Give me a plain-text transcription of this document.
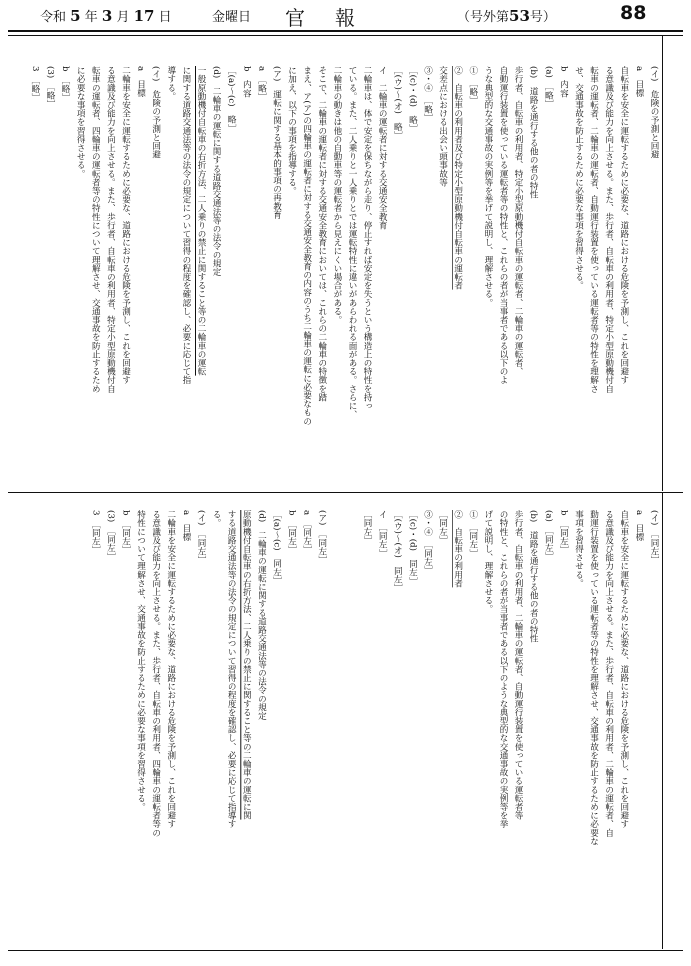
令和 5 年 3 月 17 日	金曜日 官報	（号外第53号）	88
(イ)　危険の予測と回避
a　目標
自転車を安全に運転するために必要な、道路における危険を予測し、これを回避す
る意識及び能力を向上させる。また、歩行者、自転車の利用者、特定小型原動機付自
転車の運転者、二輪車の運転者、自動運行装置を使っている運転者等の特性を理解さ
せ、交通事故を防止するために必要な事項を習得させる。
b　内容
(a)　［略］
(b)　道路を通行する他の者の特性
歩行者、自転車の利用者、特定小型原動機付自転車の運転者、二輪車の運転者、
自動運行装置を使っている運転者等の特性と、これらの者が当事者である以下のよ
うな典型的な交通事故の実例等を挙げて説明し、理解させる。
①　［略］
②　自転車の利用者及び特定小型原動機付自転車の運転者
交差点における出会い頭事故等
③・④　［略］
［(c)・(d)　略］
［(ウ)～(オ)　略］
イ　二輪車の運転者に対する交通安全教育
二輪車は、体で安定を保ちながら走り、停止すれば安定を失うという構造上の特性を持っ
ている。また、二人乗りと一人乗りとでは運転特性に違いがあらわれる面がある。さらに、
二輪車の動きは他の自動車等の運転者から見えにくい場合がある。
そこで、二輪車の運転者に対する交通安全教育においては、これらの二輪車の特徴を踏
まえ、ア(ア)の四輪車の運転者に対する交通安全教育の内容のうち二輪車の運転に必要なもの
に加え、以下の事項を指導する。
(ア)　運転に関する基本的事項の再教育
a　［略］
b　内容
［(a)～(c)　略］
(d)　二輪車の運転に関する道路交通法等の法令の規定
一般原動機付自転車の右折方法、二人乗りの禁止に関すること等の二輪車の運転
に関する道路交通法等の法令の規定について習得の程度を確認し、必要に応じて指
導する。
(イ)　危険の予測と回避
a　目標
二輪車を安全に運転するために必要な、道路における危険を予測し、これを回避す
る意識及び能力を向上させる。また、歩行者、自転車の利用者、特定小型原動機付自
転車の運転者、四輪車の運転者等の特性について理解させ、交通事故を防止するため
に必要な事項を習得させる。
b　［略］
(3)　［略］
3　［略］
(イ)　［同左］
a　目標
自転車を安全に運転するために必要な、道路における危険を予測し、これを回避す
る意識及び能力を向上させる。また、歩行者、自転車の利用者、二輪車の運転者、自
動運行装置を使っている運転者等の特性を理解させ、交通事故を防止するために必要な
事項を習得させる。
b　［同左］
(a)　［同左］
(b)　道路を通行する他の者の特性
歩行者、自転車の利用者、二輪車の運転者、自動運行装置を使っている運転者等
の特性と、これらの者が当事者である以下のような典型的な交通事故の実例等を挙
げて説明し、理解させる。
①　［同左］
②　自転車の利用者
［同左］
③・④　［同左］
［(c)・(d)　同左］
［(ウ)～(オ)　同左］
イ　［同左］
［同左］
(ア)　［同左］
a　［同左］
b　［同左］
［(a)～(c)　同左］
(d)　二輪車の運転に関する道路交通法等の法令の規定
原動機付自転車の右折方法、二人乗りの禁止に関すること等の二輪車の運転に関
する道路交通法等の法令の規定について習得の程度を確認し、必要に応じて指導す
る。
(イ)　［同左］
a　目標
二輪車を安全に運転するために必要な、道路における危険を予測し、これを回避す
る意識及び能力を向上させる。また、歩行者、自転車の利用者、四輪車の運転者等の
特性について理解させ、交通事故を防止するために必要な事項を習得させる。
b　［同左］
(3)　［同左］
3　［同左］
